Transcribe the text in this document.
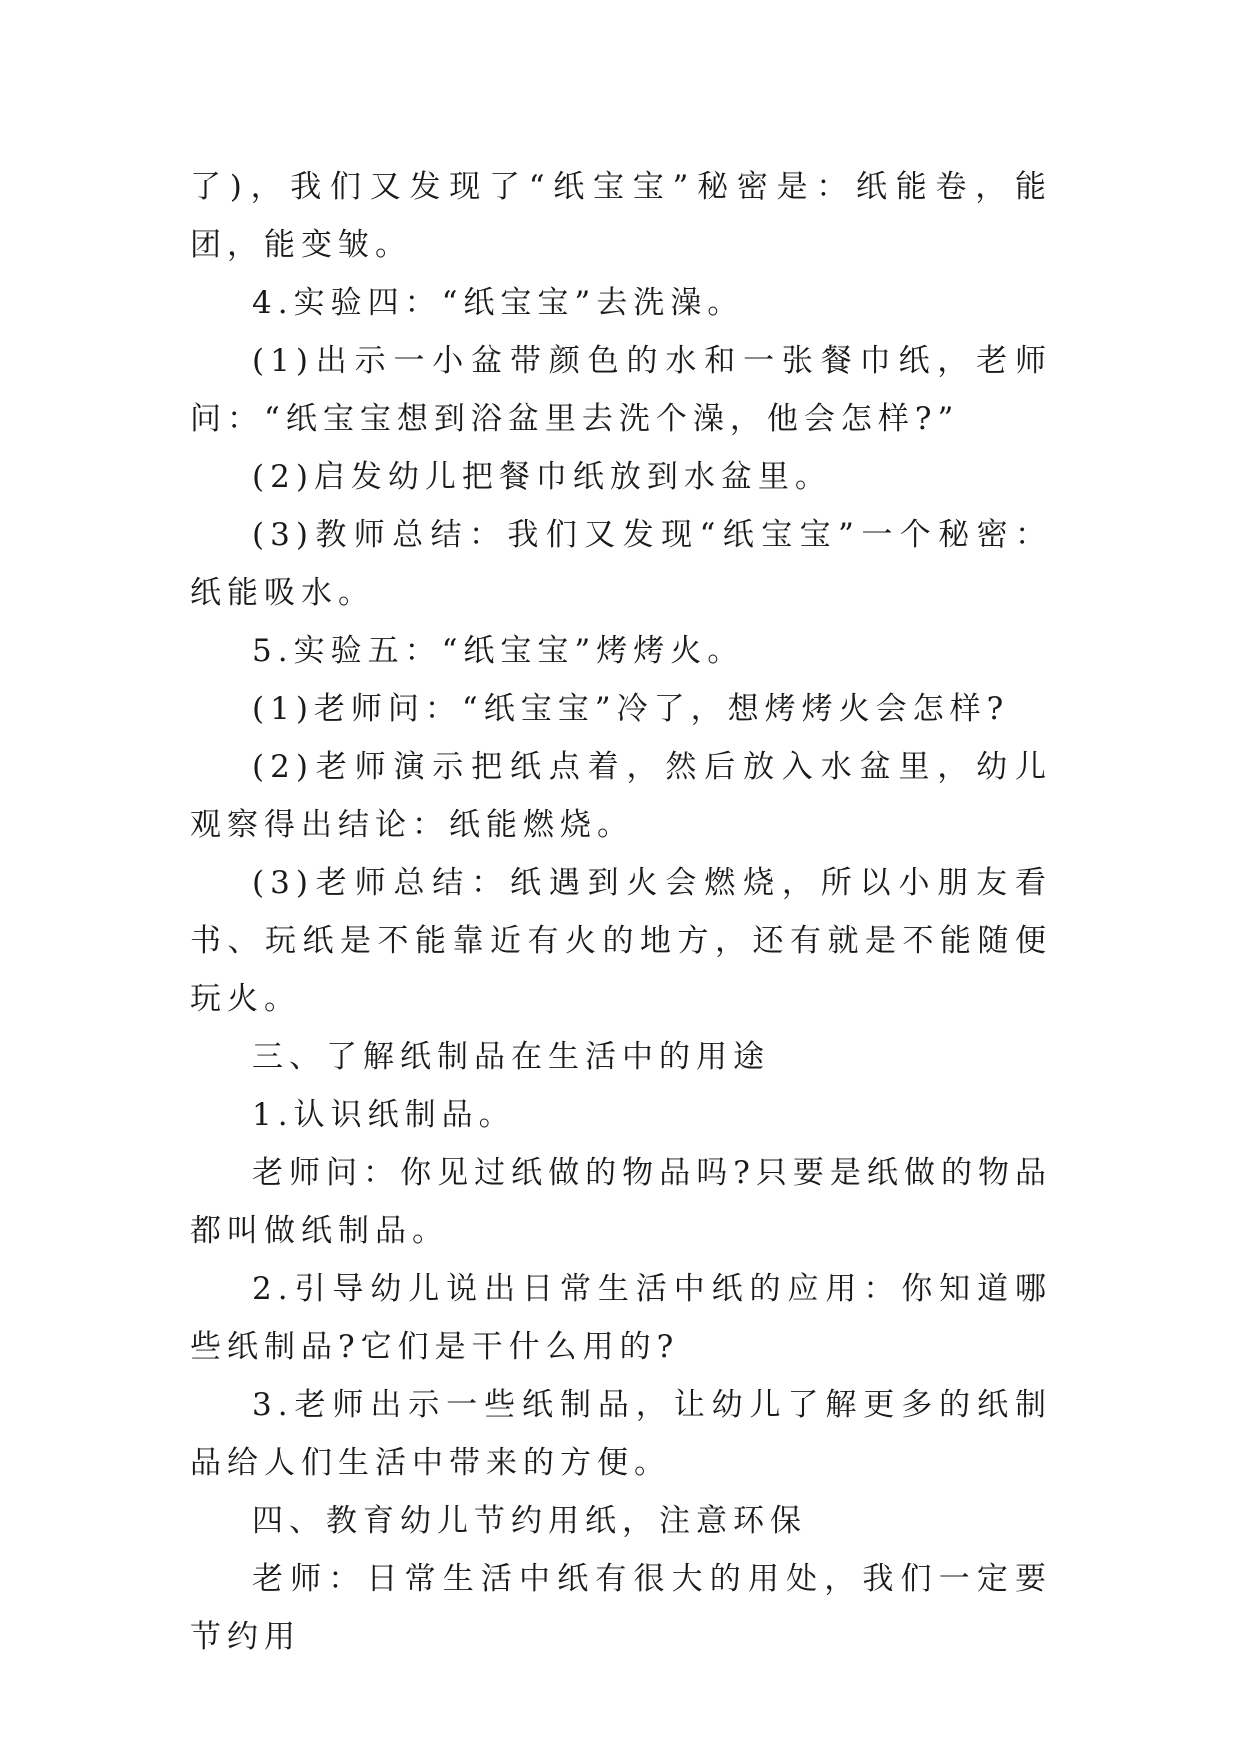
了)，我们又发现了“纸宝宝”秘密是：纸能卷，能团，能变皱。

4.实验四：“纸宝宝”去洗澡。

(1)出示一小盆带颜色的水和一张餐巾纸，老师问：“纸宝宝想到浴盆里去洗个澡，他会怎样?”

(2)启发幼儿把餐巾纸放到水盆里。

(3)教师总结：我们又发现“纸宝宝”一个秘密：纸能吸水。

5.实验五：“纸宝宝”烤烤火。

(1)老师问：“纸宝宝”冷了，想烤烤火会怎样?

(2)老师演示把纸点着，然后放入水盆里，幼儿观察得出结论：纸能燃烧。

(3)老师总结：纸遇到火会燃烧，所以小朋友看书、玩纸是不能靠近有火的地方，还有就是不能随便玩火。

三、了解纸制品在生活中的用途

1.认识纸制品。

老师问：你见过纸做的物品吗?只要是纸做的物品都叫做纸制品。

2.引导幼儿说出日常生活中纸的应用：你知道哪些纸制品?它们是干什么用的?

3.老师出示一些纸制品，让幼儿了解更多的纸制品给人们生活中带来的方便。

四、教育幼儿节约用纸，注意环保

老师：日常生活中纸有很大的用处，我们一定要节约用
